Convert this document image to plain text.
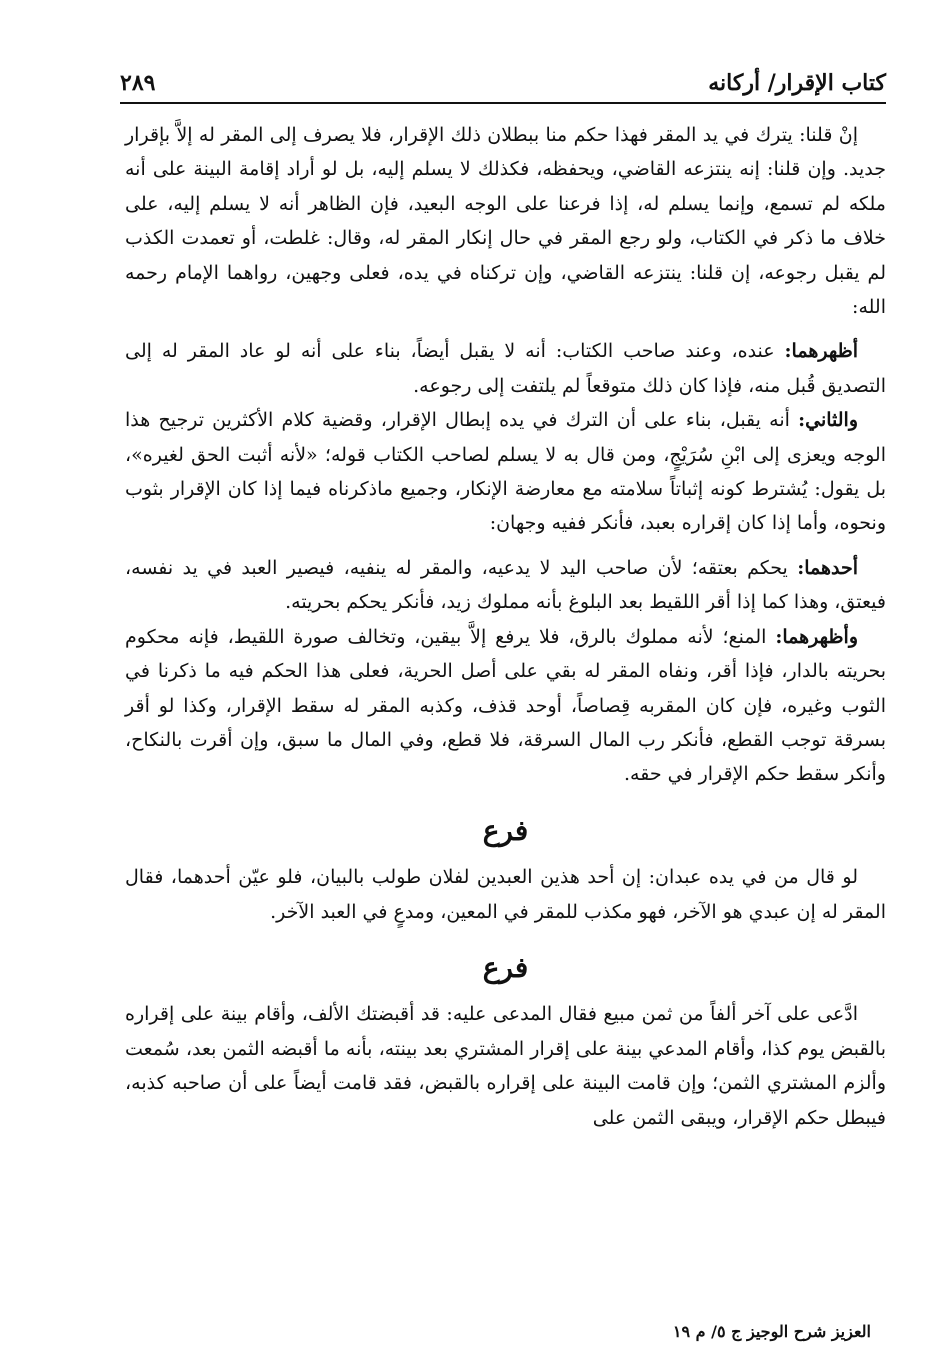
كتاب الإقرار/ أركانه
٢٨٩

إنْ قلنا: يترك في يد المقر فهذا حكم منا ببطلان ذلك الإقرار، فلا يصرف إلى المقر له إلاَّ بإقرار جديد. وإن قلنا: إنه ينتزعه القاضي، ويحفظه، فكذلك لا يسلم إليه، بل لو أراد إقامة البينة على أنه ملكه لم تسمع، وإنما يسلم له، إذا فرعنا على الوجه البعيد، فإن الظاهر أنه لا يسلم إليه، على خلاف ما ذكر في الكتاب، ولو رجع المقر في حال إنكار المقر له، وقال: غلطت، أو تعمدت الكذب لم يقبل رجوعه، إن قلنا: ينتزعه القاضي، وإن تركناه في يده، فعلى وجهين، رواهما الإمام رحمه الله:

أظهرهما: عنده، وعند صاحب الكتاب: أنه لا يقبل أيضاً، بناء على أنه لو عاد المقر له إلى التصديق قُبل منه، فإذا كان ذلك متوقعاً لم يلتفت إلى رجوعه.

والثاني: أنه يقبل، بناء على أن الترك في يده إبطال الإقرار، وقضية كلام الأكثرين ترجيح هذا الوجه ويعزى إلى ابْنِ سُرَيْجٍ، ومن قال به لا يسلم لصاحب الكتاب قوله؛ «لأنه أثبت الحق لغيره»، بل يقول: يُشترط كونه إثباتاً سلامته مع معارضة الإنكار، وجميع ماذكرناه فيما إذا كان الإقرار بثوب ونحوه، وأما إذا كان إقراره بعبد، فأنكر ففيه وجهان:

أحدهما: يحكم بعتقه؛ لأن صاحب اليد لا يدعيه، والمقر له ينفيه، فيصير العبد في يد نفسه، فيعتق، وهذا كما إذا أقر اللقيط بعد البلوغ بأنه مملوك زيد، فأنكر يحكم بحريته.

وأظهرهما: المنع؛ لأنه مملوك بالرق، فلا يرفع إلاَّ بيقين، وتخالف صورة اللقيط، فإنه محكوم بحريته بالدار، فإذا أقر، ونفاه المقر له بقي على أصل الحرية، فعلى هذا الحكم فيه ما ذكرنا في الثوب وغيره، فإن كان المقربه قِصاصاً، أوحد قذف، وكذبه المقر له سقط الإقرار، وكذا لو أقر بسرقة توجب القطع، فأنكر رب المال السرقة، فلا قطع، وفي المال ما سبق، وإن أقرت بالنكاح، وأنكر سقط حكم الإقرار في حقه.

فرع

لو قال من في يده عبدان: إن أحد هذين العبدين لفلان طولب بالبيان، فلو عيّن أحدهما، فقال المقر له إن عبدي هو الآخر، فهو مكذب للمقر في المعين، ومدعٍ في العبد الآخر.

فرع

ادَّعى على آخر ألفاً من ثمن مبيع فقال المدعى عليه: قد أقبضتك الألف، وأقام بينة على إقراره بالقبض يوم كذا، وأقام المدعي بينة على إقرار المشتري بعد بينته، بأنه ما أقبضه الثمن بعد، سُمعت وألزم المشتري الثمن؛ وإن قامت البينة على إقراره بالقبض، فقد قامت أيضاً على أن صاحبه كذبه، فيبطل حكم الإقرار، ويبقى الثمن على

العزيز شرح الوجيز ج ٥/ م ١٩
